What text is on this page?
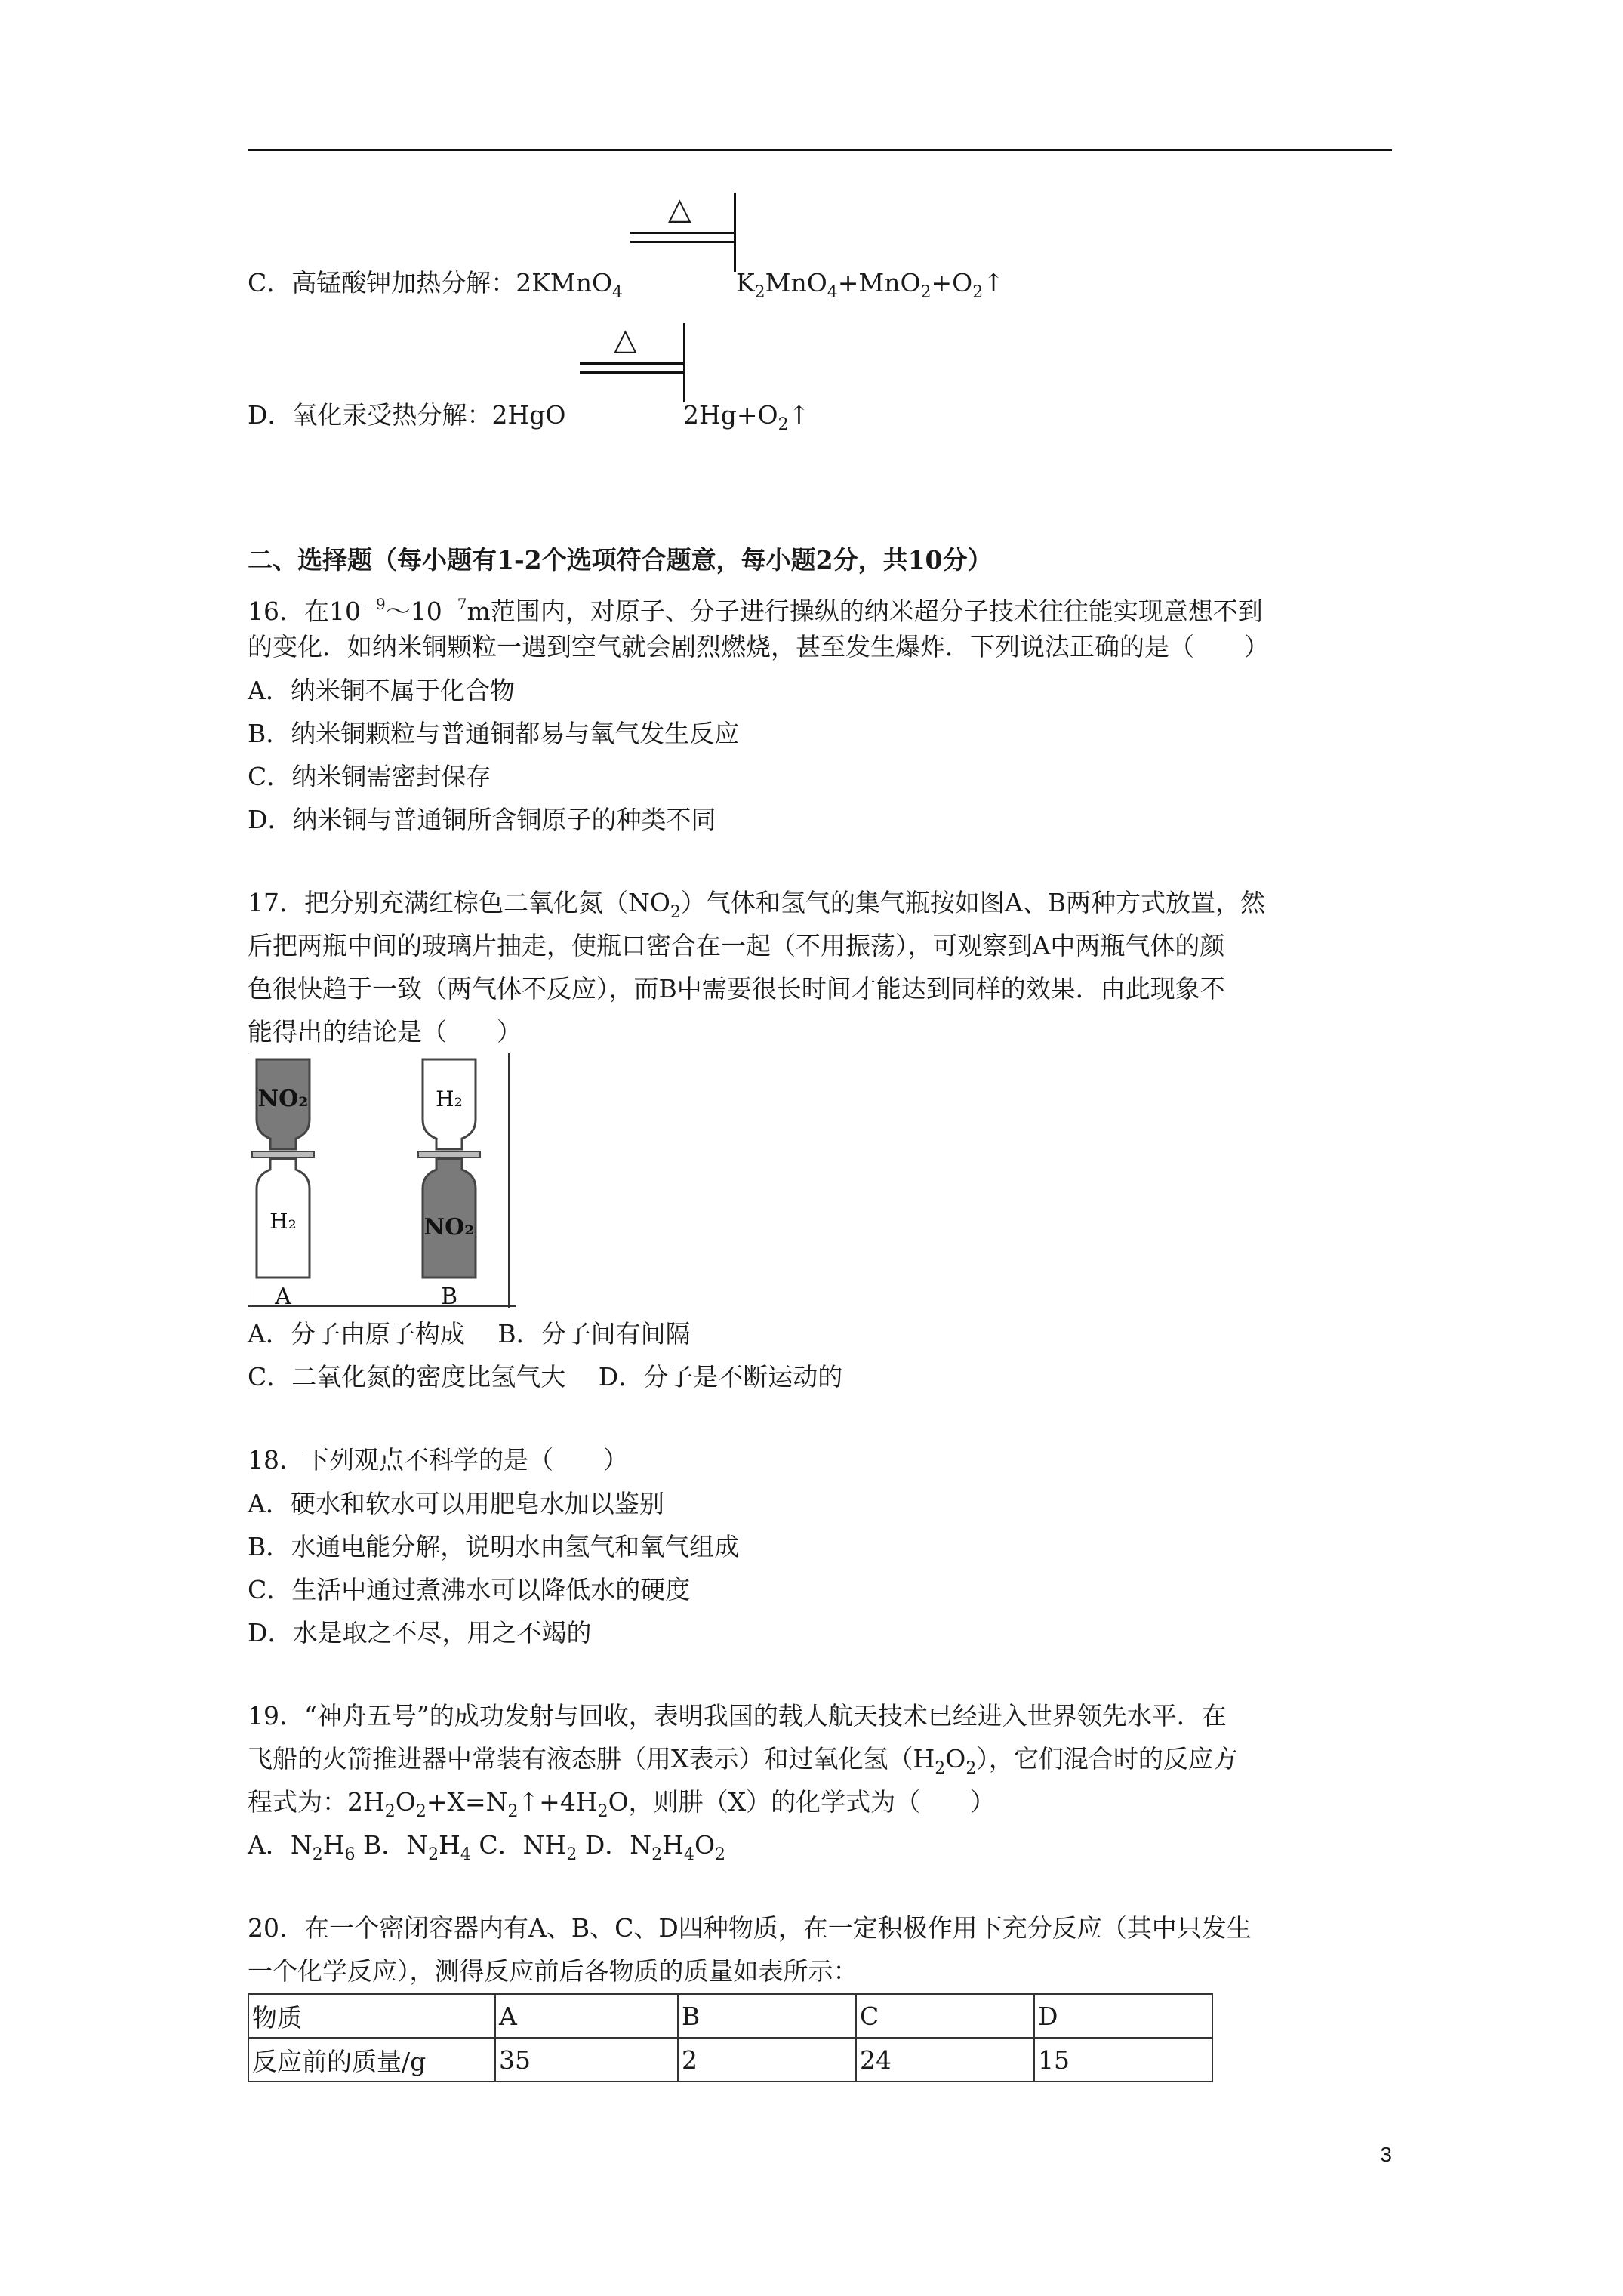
C．高锰酸钾加热分解：2KMnO$_4$
△
$K_2MnO_4+MnO_2+O_2↑$
D．氧化汞受热分解：2HgO
△
$2Hg+O_2↑$
二、选择题（每小题有1-2个选项符合题意，每小题2分，共10分）
16．在$10^{﹣9}\sim 10^{﹣7}m$范围内，对原子、分子进行操纵的纳米超分子技术往往能实现意想不到
的变化．如纳米铜颗粒一遇到空气就会剧烈燃烧，甚至发生爆炸．下列说法正确的是（　　）
A．纳米铜不属于化合物
B．纳米铜颗粒与普通铜都易与氧气发生反应
C．纳米铜需密封保存
D．纳米铜与普通铜所含铜原子的种类不同
17．把分别充满红棕色二氧化氮$(NO_2)$气体和氢气的集气瓶按如图A、B两种方式放置，然
后把两瓶中间的玻璃片抽走，使瓶口密合在一起（不用振荡），可观察到A中两瓶气体的颜
色很快趋于一致（两气体不反应），而B中需要很长时间才能达到同样的效果．由此现象不
能得出的结论是（　　）
NO₂
H₂
A
H₂
NO₂
B
A．分子由原子构成　 B．分子间有间隔
C．二氧化氮的密度比氢气大　 D．分子是不断运动的
18．下列观点不科学的是（　　）
A．硬水和软水可以用肥皂水加以鉴别
B．水通电能分解，说明水由氢气和氧气组成
C．生活中通过煮沸水可以降低水的硬度
D．水是取之不尽，用之不竭的
19．“神舟五号”的成功发射与回收，表明我国的载人航天技术已经进入世界领先水平．在
飞船的火箭推进器中常装有液态肼（用X表示）和过氧化氢$(H_2O_2)$，它们混合时的反应方
程式为：$2H_2O_2+X=N_2↑+4H_2O$，则肼（X）的化学式为（　　）
A．$N_2H_6$ B．$N_2H_4$ C．$NH_2$ D．$N_2H_4O_2$
20．在一个密闭容器内有A、B、C、D四种物质，在一定积极作用下充分反应（其中只发生
一个化学反应），测得反应前后各物质的质量如表所示：
物质	A	B	C	D
反应前的质量/g	35	2	24	15
3
